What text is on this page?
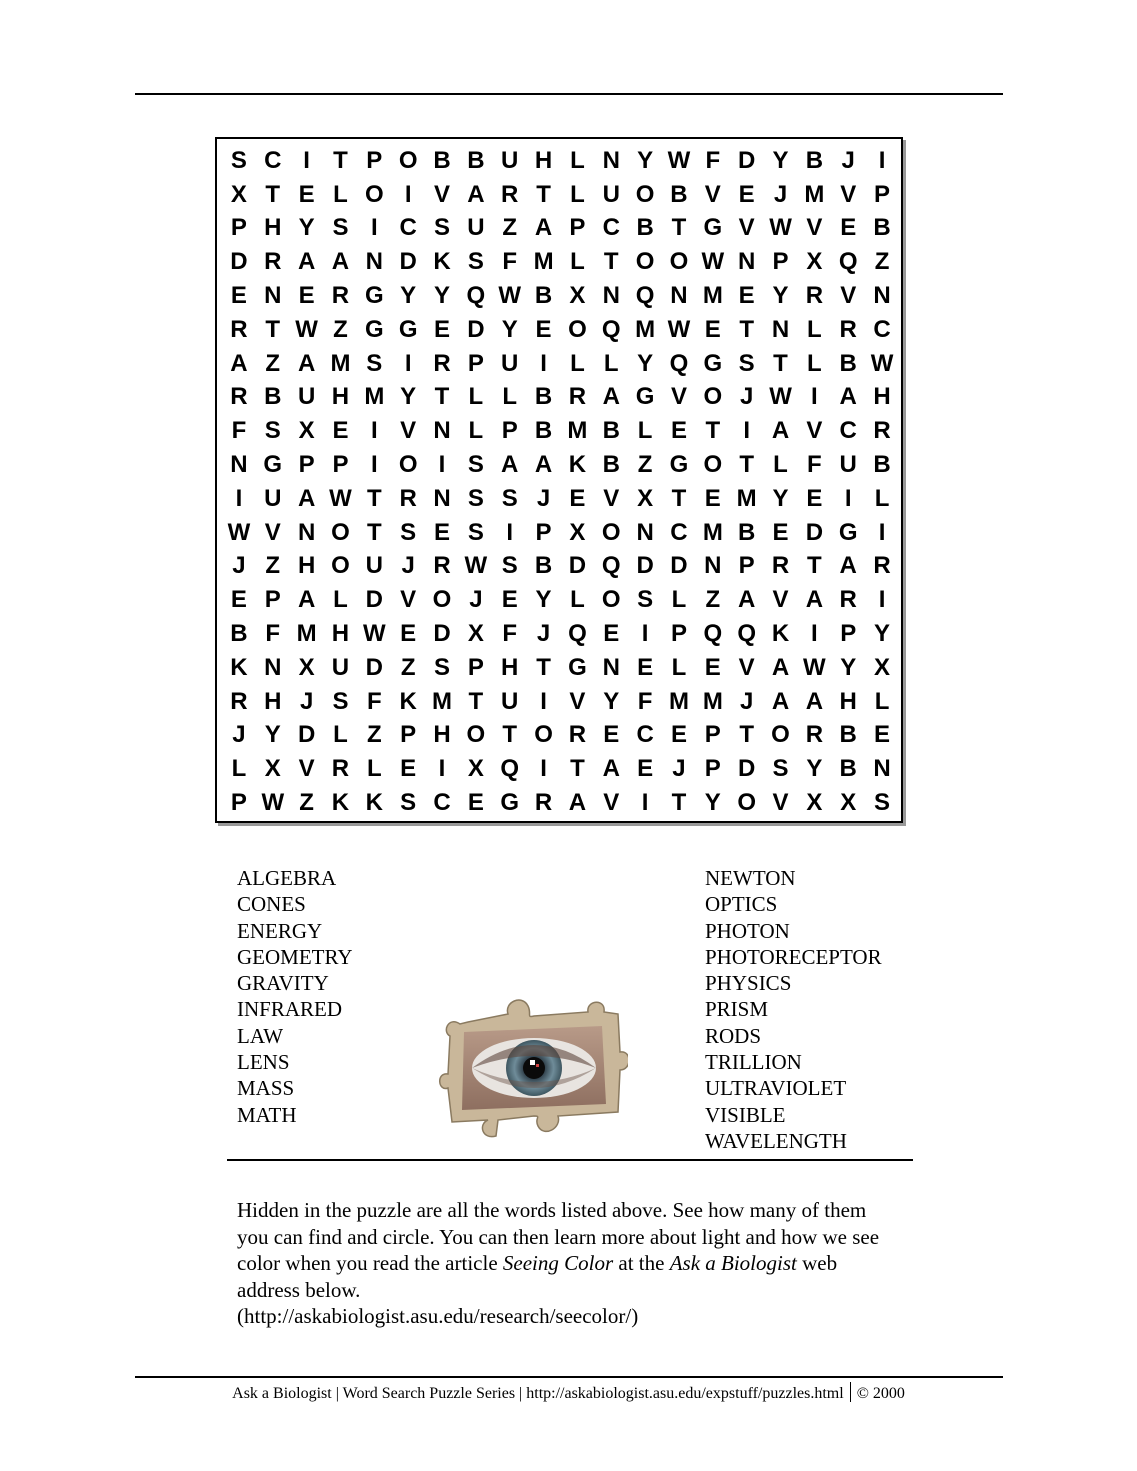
S C I T P O B B U H L N Y W F D Y B J I
X T E L O I V A R T L U O B V E J M V P
P H Y S I C S U Z A P C B T G V W V E B
D R A A N D K S F M L T O O W N P X Q Z
E N E R G Y Y Q W B X N Q N M E Y R V N
R T W Z G G E D Y E O Q M W E T N L R C
A Z A M S I R P U I L L Y Q G S T L B W
R B U H M Y T L L B R A G V O J W I A H
F S X E I V N L P B M B L E T I A V C R
N G P P I O I S A A K B Z G O T L F U B
I U A W T R N S S J E V X T E M Y E I L
W V N O T S E S I P X O N C M B E D G I
J Z H O U J R W S B D Q D D N P R T A R
E P A L D V O J E Y L O S L Z A V A R I
B F M H W E D X F J Q E I P Q Q K I P Y
K N X U D Z S P H T G N E L E V A W Y X
R H J S F K M T U I V Y F M M J A A H L
J Y D L Z P H O T O R E C E P T O R B E
L X V R L E I X Q I T A E J P D S Y B N
P W Z K K S C E G R A V I T Y O V X X S
ALGEBRA
CONES
ENERGY
GEOMETRY
GRAVITY
INFRARED
LAW
LENS
MASS
MATH
NEWTON
OPTICS
PHOTON
PHOTORECEPTOR
PHYSICS
PRISM
RODS
TRILLION
ULTRAVIOLET
VISIBLE
WAVELENGTH

Hidden in the puzzle are all the words listed above. See how many of them you can find and circle. You can then learn more about light and how we see color when you read the article Seeing Color at the Ask a Biologist web address below.

(http://askabiologist.asu.edu/research/seecolor/)

Ask a Biologist | Word Search Puzzle Series | http://askabiologist.asu.edu/expstuff/puzzles.html © 2000
